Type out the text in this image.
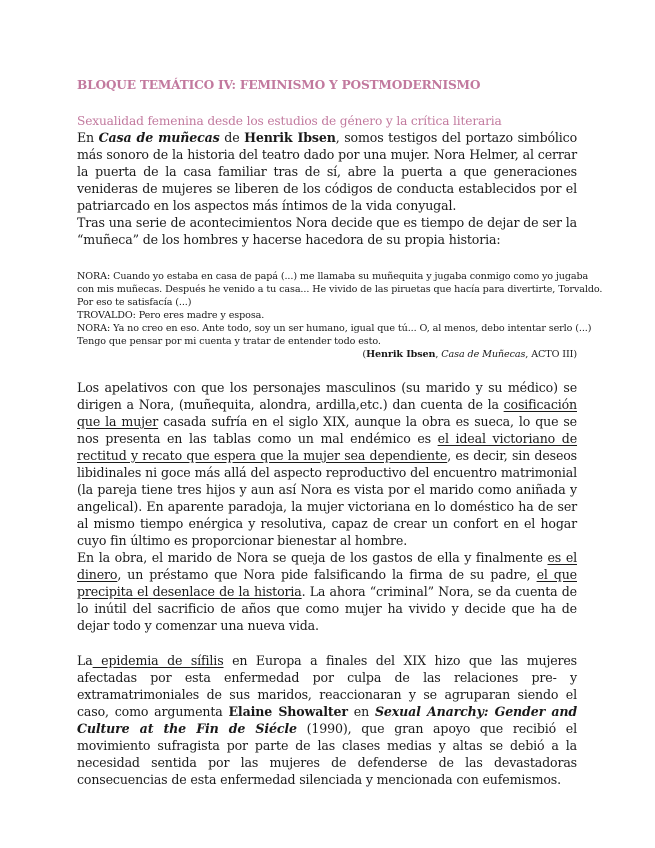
BLOQUE TEMÁTICO IV: FEMINISMO Y POSTMODERNISMO
Sexualidad femenina desde los estudios de género y la crítica literaria

En Casa de muñecas de Henrik Ibsen, somos testigos del portazo simbólico más sonoro de la historia del teatro dado por una mujer. Nora Helmer, al cerrar la puerta de la casa familiar tras de sí, abre la puerta a que generaciones venideras de mujeres se liberen de los códigos de conducta establecidos por el patriarcado en los aspectos más íntimos de la vida conyugal.

Tras una serie de acontecimientos Nora decide que es tiempo de dejar de ser la “muñeca” de los hombres y hacerse hacedora de su propia historia:

NORA: Cuando yo estaba en casa de papá (...) me llamaba su muñequita y jugaba conmigo como yo jugaba
con mis muñecas. Después he venido a tu casa... He vivido de las piruetas que hacía para divertirte, Torvaldo.
Por eso te satisfacía (...)
TROVALDO: Pero eres madre y esposa.
NORA: Ya no creo en eso. Ante todo, soy un ser humano, igual que tú... O, al menos, debo intentar serlo (...)
Tengo que pensar por mi cuenta y tratar de entender todo esto.
(Henrik Ibsen, Casa de Muñecas, ACTO III)

Los apelativos con que los personajes masculinos (su marido y su médico) se dirigen a Nora, (muñequita, alondra, ardilla,etc.) dan cuenta de la cosificación que la mujer casada sufría en el siglo XIX, aunque la obra es sueca, lo que se nos presenta en las tablas como un mal endémico es el ideal victoriano de rectitud y recato que espera que la mujer sea dependiente, es decir, sin deseos libidinales ni goce más allá del aspecto reproductivo del encuentro matrimonial (la pareja tiene tres hijos y aun así Nora es vista por el marido como aniñada y angelical). En aparente paradoja, la mujer victoriana en lo doméstico ha de ser al mismo tiempo enérgica y resolutiva, capaz de crear un confort en el hogar cuyo fin último es proporcionar bienestar al hombre.

En la obra, el marido de Nora se queja de los gastos de ella y finalmente es el dinero, un préstamo que Nora pide falsificando la firma de su padre, el que precipita el desenlace de la historia. La ahora “criminal” Nora, se da cuenta de lo inútil del sacrificio de años que como mujer ha vivido y decide que ha de dejar todo y comenzar una nueva vida.

La epidemia de sífilis en Europa a finales del XIX hizo que las mujeres afectadas por esta enfermedad por culpa de las relaciones pre- y extramatrimoniales de sus maridos, reaccionaran y se agruparan siendo el caso, como argumenta Elaine Showalter en Sexual Anarchy: Gender and Culture at the Fin de Siécle (1990), que gran apoyo que recibió el movimiento sufragista por parte de las clases medias y altas se debió a la necesidad sentida por las mujeres de defenderse de las devastadoras consecuencias de esta enfermedad silenciada y mencionada con eufemismos.
